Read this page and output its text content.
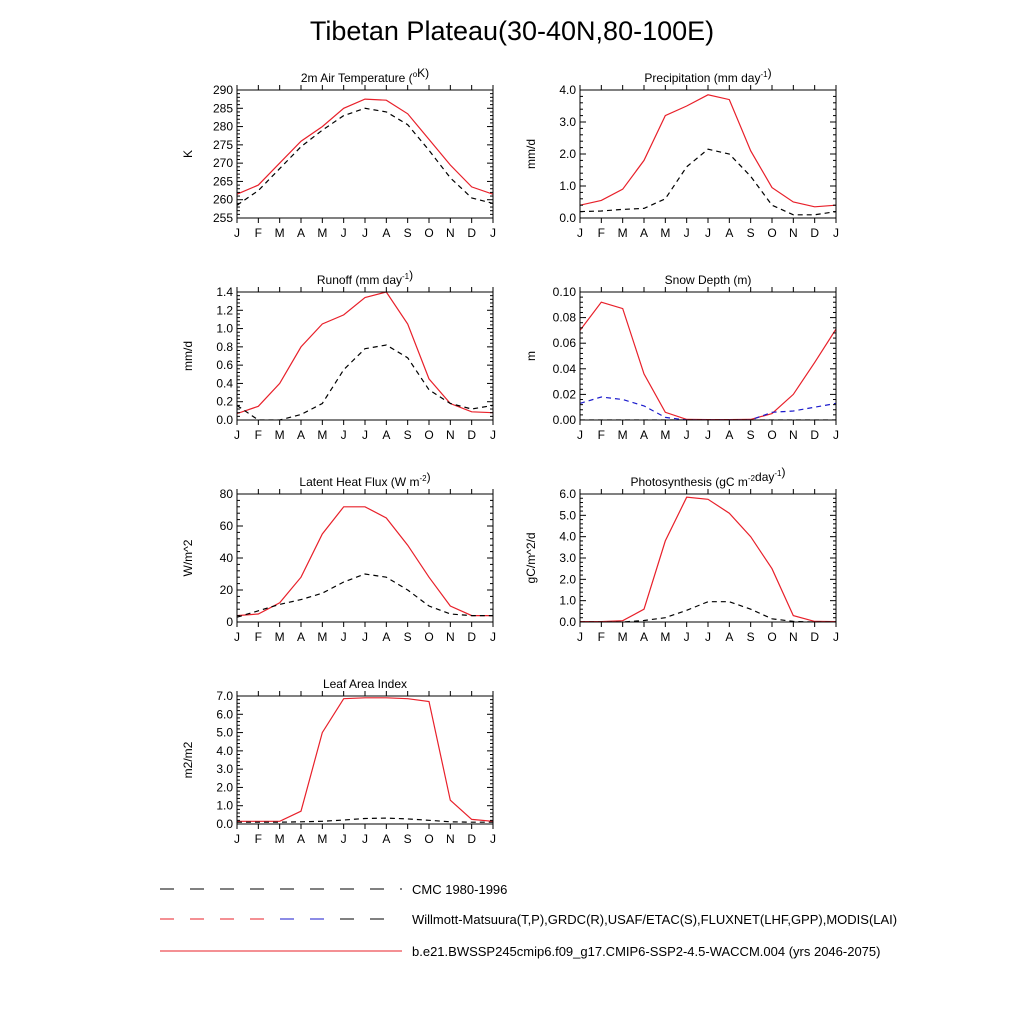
Tibetan Plateau(30-40N,80-100E)
2m Air Temperature ($^o$K)
255
260
265
270
275
280
285
290
J F M A M J J A S O N D J
K
Precipitation (mm day$^{-1}$)
0.0
1.0
2.0
3.0
4.0
J F M A M J J A S O N D J
mm/d
Runoff (mm day$^{-1}$)
0.0
0.2
0.4
0.6
0.8
1.0
1.2
1.4
J F M A M J J A S O N D J
mm/d
Snow Depth (m)
0.00
0.02
0.04
0.06
0.08
0.10
J F M A M J J A S O N D J
m
Latent Heat Flux (W $m^{-2}$)
0
20
40
60
80
J F M A M J J A S O N D J
W/m^2
Photosynthesis (gC $m^{-2}day^{-1}$)
0.0
1.0
2.0
3.0
4.0
5.0
6.0
J F M A M J J A S O N D J
gC/m^2/d
Leaf Area Index
0.0
1.0
2.0
3.0
4.0
5.0
6.0
7.0
J F M A M J J A S O N D J
m2/m2
CMC 1980-1996
Willmott-Matsuura(T,P),GRDC(R),USAF/ETAC(S),FLUXNET(LHF,GPP),MODIS(LAI)
b.e21.BWSSP245cmip6.f09_g17.CMIP6-SSP2-4.5-WACCM.004 (yrs 2046-2075)
